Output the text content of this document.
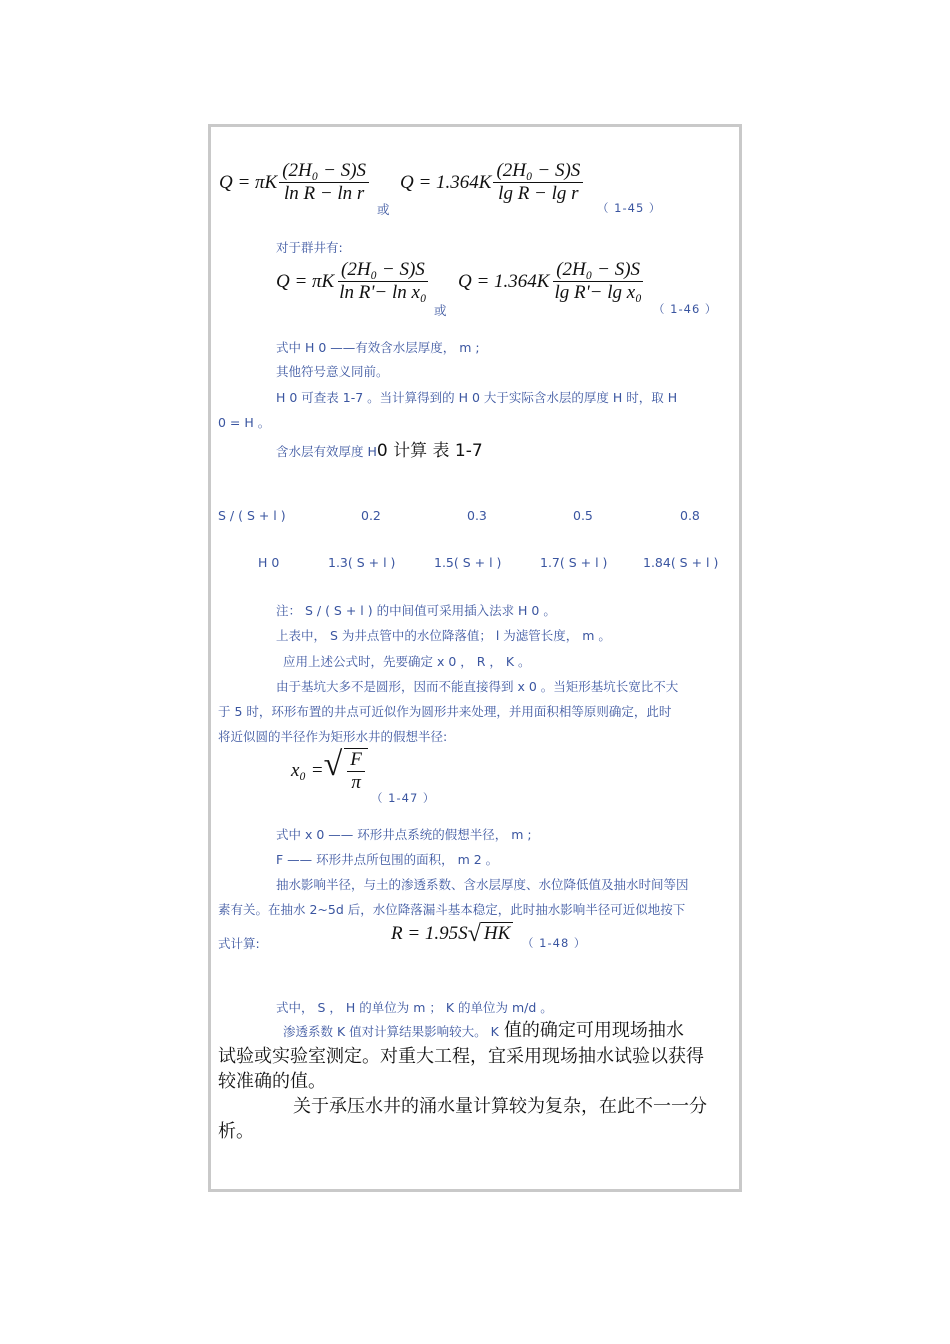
Q = πK $\frac{\text{(2H₀ − S)S}}{\text{ln R − ln r}}$
或
$Q = 1.364K \frac{\text{(2H₀ − S)S}}{\text{lg R − lg r}}$
（ 1-45 ）
对于群井有:
Q = πK $\frac{\text{(2H₀ − S)S}}{\text{ln R'− ln x₀}}$
或
$Q = 1.364K \frac{\text{(2H₀ − S)S}}{\text{lg R'− lg x₀}}$
（ 1-46 ）
式中 H 0 ——有效含水层厚度， m ;
其他符号意义同前。
H 0 可查表 1-7 。当计算得到的 H 0 大于实际含水层的厚度 H 时，取 H
0 = H 。
含水层有效厚度 H0 计算 表 1-7
S / ( S + l )	0.2	0.3	0.5	0.8
H 0	1.3( S + l )	1.5( S + l )	1.7( S + l )	1.84( S + l )
注： S / ( S + l ) 的中间值可采用插入法求 H 0 。
上表中， S 为井点管中的水位降落值； l 为滤管长度， m 。
应用上述公式时，先要确定 x 0 ， R ， K 。
由于基坑大多不是圆形，因而不能直接得到 x 0 。当矩形基坑长宽比不大
于 5 时，环形布置的井点可近似作为圆形井来处理，并用面积相等原则确定，此时
将近似圆的半径作为矩形水井的假想半径:
x₀ = √ $\frac{F}{\pi}$
（ 1-47 ）
式中 x 0 —— 环形井点系统的假想半径， m ;
F —— 环形井点所包围的面积， m 2 。
抽水影响半径，与土的渗透系数、含水层厚度、水位降低值及抽水时间等因
素有关。在抽水 2~5d 后，水位降落漏斗基本稳定，此时抽水影响半径可近似地按下
式计算:	R = 1.95S √ HK （ 1-48 ）
式中， S ， H 的单位为 m ； K 的单位为 m/d 。
渗透系数 K 值对计算结果影响较大。 K 值的确定可用现场抽水
试验或实验室测定。对重大工程，宜采用现场抽水试验以获得
较准确的值。
关于承压水井的涌水量计算较为复杂，在此不一一分
析。
